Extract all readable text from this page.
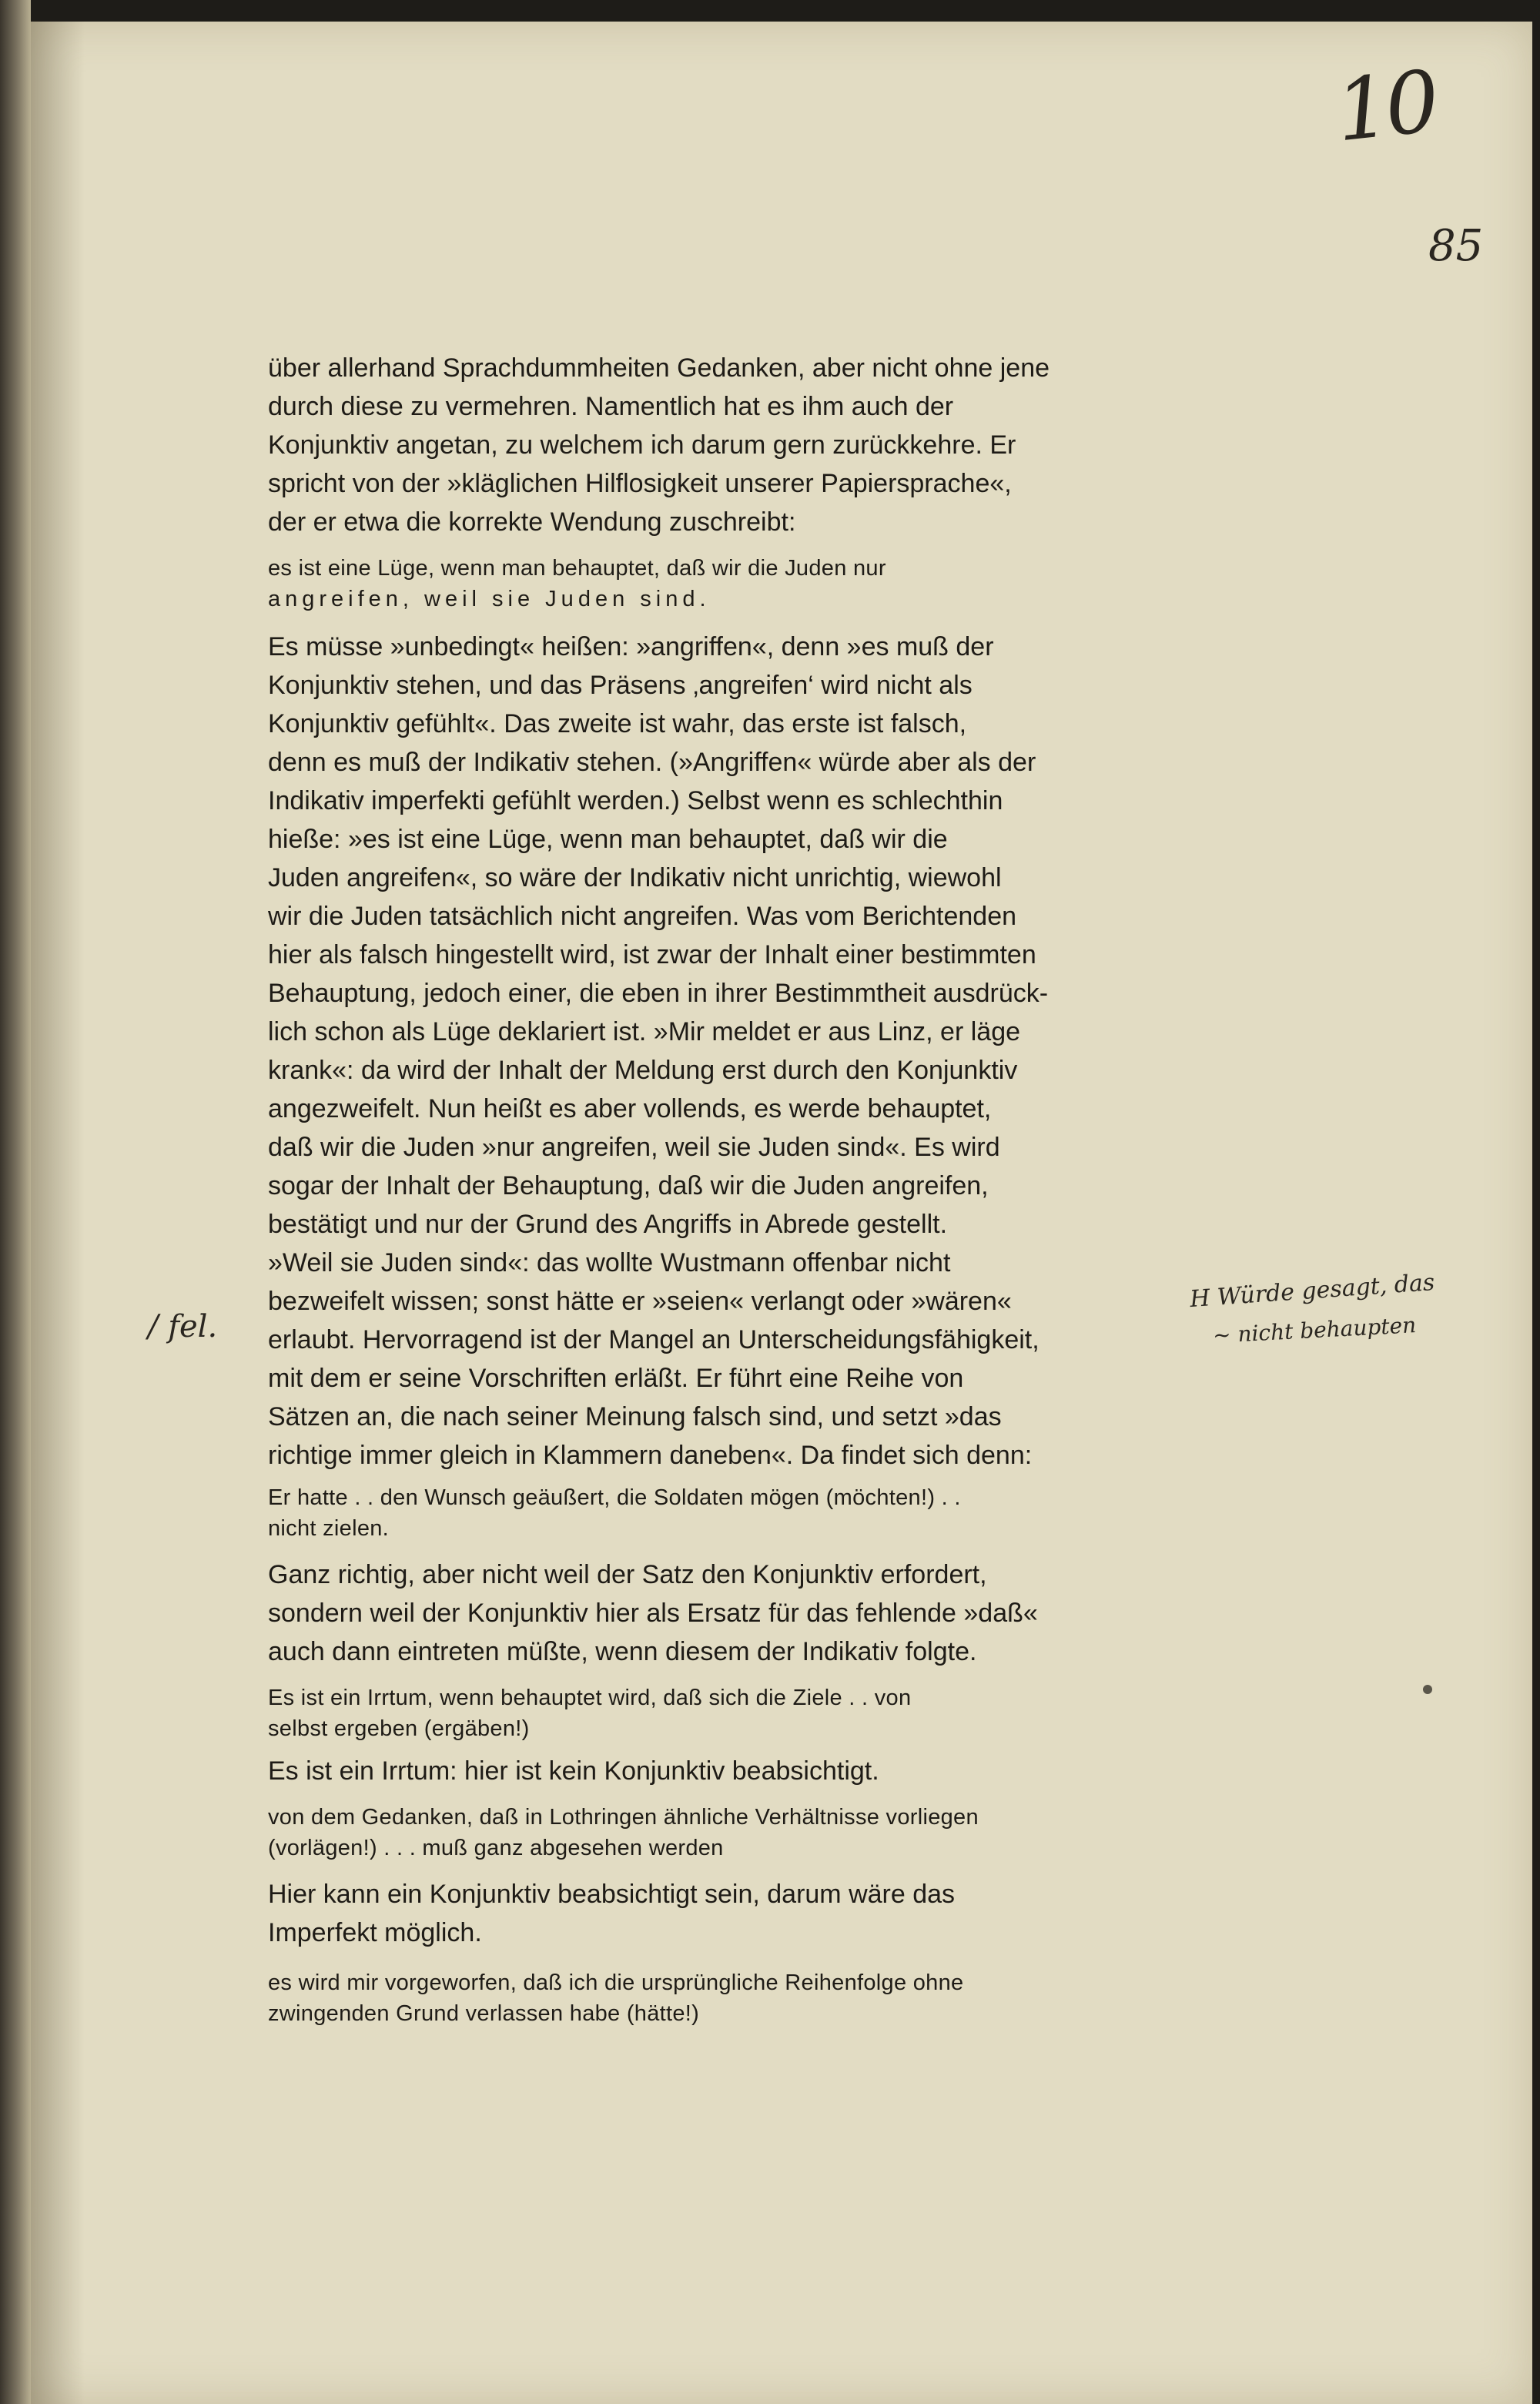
10
85
/ fel.
H Würde gesagt, das
~ nicht behaupten

über allerhand Sprachdummheiten Gedanken, aber nicht ohne jene

durch diese zu vermehren. Namentlich hat es ihm auch der

Konjunktiv angetan, zu welchem ich darum gern zurückkehre. Er

spricht von der »kläglichen Hilflosigkeit unserer Papiersprache«,

der er etwa die korrekte Wendung zuschreibt:

es ist eine Lüge, wenn man behauptet, daß wir die Juden nur

angreifen, weil sie Juden sind.

Es müsse »unbedingt« heißen: »angriffen«, denn »es muß der

Konjunktiv stehen, und das Präsens ‚angreifen‘ wird nicht als

Konjunktiv gefühlt«. Das zweite ist wahr, das erste ist falsch,

denn es muß der Indikativ stehen. (»Angriffen« würde aber als der

Indikativ imperfekti gefühlt werden.) Selbst wenn es schlechthin

hieße: »es ist eine Lüge, wenn man behauptet, daß wir die

Juden angreifen«, so wäre der Indikativ nicht unrichtig, wiewohl

wir die Juden tatsächlich nicht angreifen. Was vom Berichtenden

hier als falsch hingestellt wird, ist zwar der Inhalt einer bestimmten

Behauptung, jedoch einer, die eben in ihrer Bestimmtheit ausdrück-

lich schon als Lüge deklariert ist. »Mir meldet er aus Linz, er läge

krank«: da wird der Inhalt der Meldung erst durch den Konjunktiv

angezweifelt. Nun heißt es aber vollends, es werde behauptet,

daß wir die Juden »nur angreifen, weil sie Juden sind«. Es wird

sogar der Inhalt der Behauptung, daß wir die Juden angreifen,

bestätigt und nur der Grund des Angriffs in Abrede gestellt.

»Weil sie Juden sind«: das wollte Wustmann offenbar nicht

bezweifelt wissen; sonst hätte er »seien« verlangt oder »wären«

erlaubt. Hervorragend ist der Mangel an Unterscheidungsfähigkeit,

mit dem er seine Vorschriften erläßt. Er führt eine Reihe von

Sätzen an, die nach seiner Meinung falsch sind, und setzt »das

richtige immer gleich in Klammern daneben«. Da findet sich denn:

Er hatte . . den Wunsch geäußert, die Soldaten mögen (möchten!) . .

nicht zielen.

Ganz richtig, aber nicht weil der Satz den Konjunktiv erfordert,

sondern weil der Konjunktiv hier als Ersatz für das fehlende »daß«

auch dann eintreten müßte, wenn diesem der Indikativ folgte.

Es ist ein Irrtum, wenn behauptet wird, daß sich die Ziele . . von

selbst ergeben (ergäben!)

Es ist ein Irrtum: hier ist kein Konjunktiv beabsichtigt.

von dem Gedanken, daß in Lothringen ähnliche Verhältnisse vorliegen

(vorlägen!) . . . muß ganz abgesehen werden

Hier kann ein Konjunktiv beabsichtigt sein, darum wäre das

Imperfekt möglich.

es wird mir vorgeworfen, daß ich die ursprüngliche Reihenfolge ohne

zwingenden Grund verlassen habe (hätte!)
